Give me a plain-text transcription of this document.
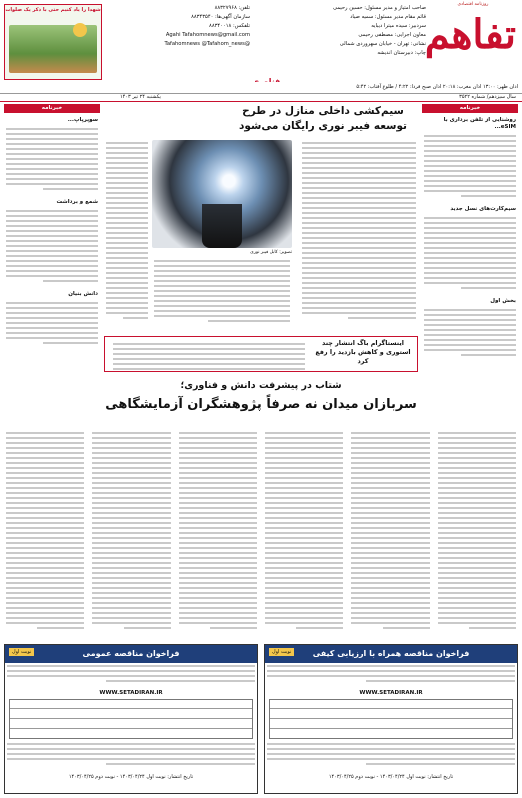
روزنامه اقتصادی
تفاهم
صاحب امتیاز و مدیر مسئول: حسین رحیمی
قائم مقام مدیر مسئول: سمیه صیاد
سردبیر: سیده میترا دیبایه
معاون اجرایی: مصطفی رحیمی
نشانی: تهران - خیابان سهروردی شمالی
چاپ: دبیرستان اندیشه
تلفن: ۸۸۳۲۷۹۶۸
سازمان آگهی‌ها: ۸۸۳۴۳۵۴۰
تلفکس: ۸۸۳۴۰۰۱۸
Agahi Tafahomnews@gmail.com
@Tafahomnews @Tafahom_news
شهدا را یاد کنیم حتی با ذکر یک صلوات
سال سیزدهم/ شماره ۳۵۲۲
یکشنبه ۲۴ تیر ۱۴۰۳
خبرنامه
روشنایی از تلفن برداری با eSIM...
سیم‌کارت‌های نسل جدید
بخش اول
خبرنامه
سوپرپاپ...
شمع و برداشت
دانش بنیان
سیم‌کشی داخلی منازل در طرح توسعه فیبر نوری رایگان می‌شود
تصویر: کابل فیبر نوری
اینستاگرام باگ انتشار چند استوری و کاهش بازدید را رفع کرد
شتاب در پیشرفت دانش و فناوری؛
سربازان میدان نه صرفاً پژوهشگران آزمایشگاهی
فراخوان مناقصه عمومی
نوبت اول
WWW.SETADIRAN.IR
تاریخ انتشار: نوبت اول ۱۴۰۳/۰۴/۲۴ - نوبت دوم ۱۴۰۳/۰۴/۲۵
فراخوان مناقصه همراه با ارزیابی کیفی
نوبت اول
WWW.SETADIRAN.IR
تاریخ انتشار: نوبت اول ۱۴۰۳/۰۴/۲۴ - نوبت دوم ۱۴۰۳/۰۴/۲۵
اذان ظهر: ۱۳:۰۰ اذان مغرب: ۲۰:۱۸ اذان صبح فردا: ۴:۲۲ / طلوع آفتاب: ۵:۴۲
